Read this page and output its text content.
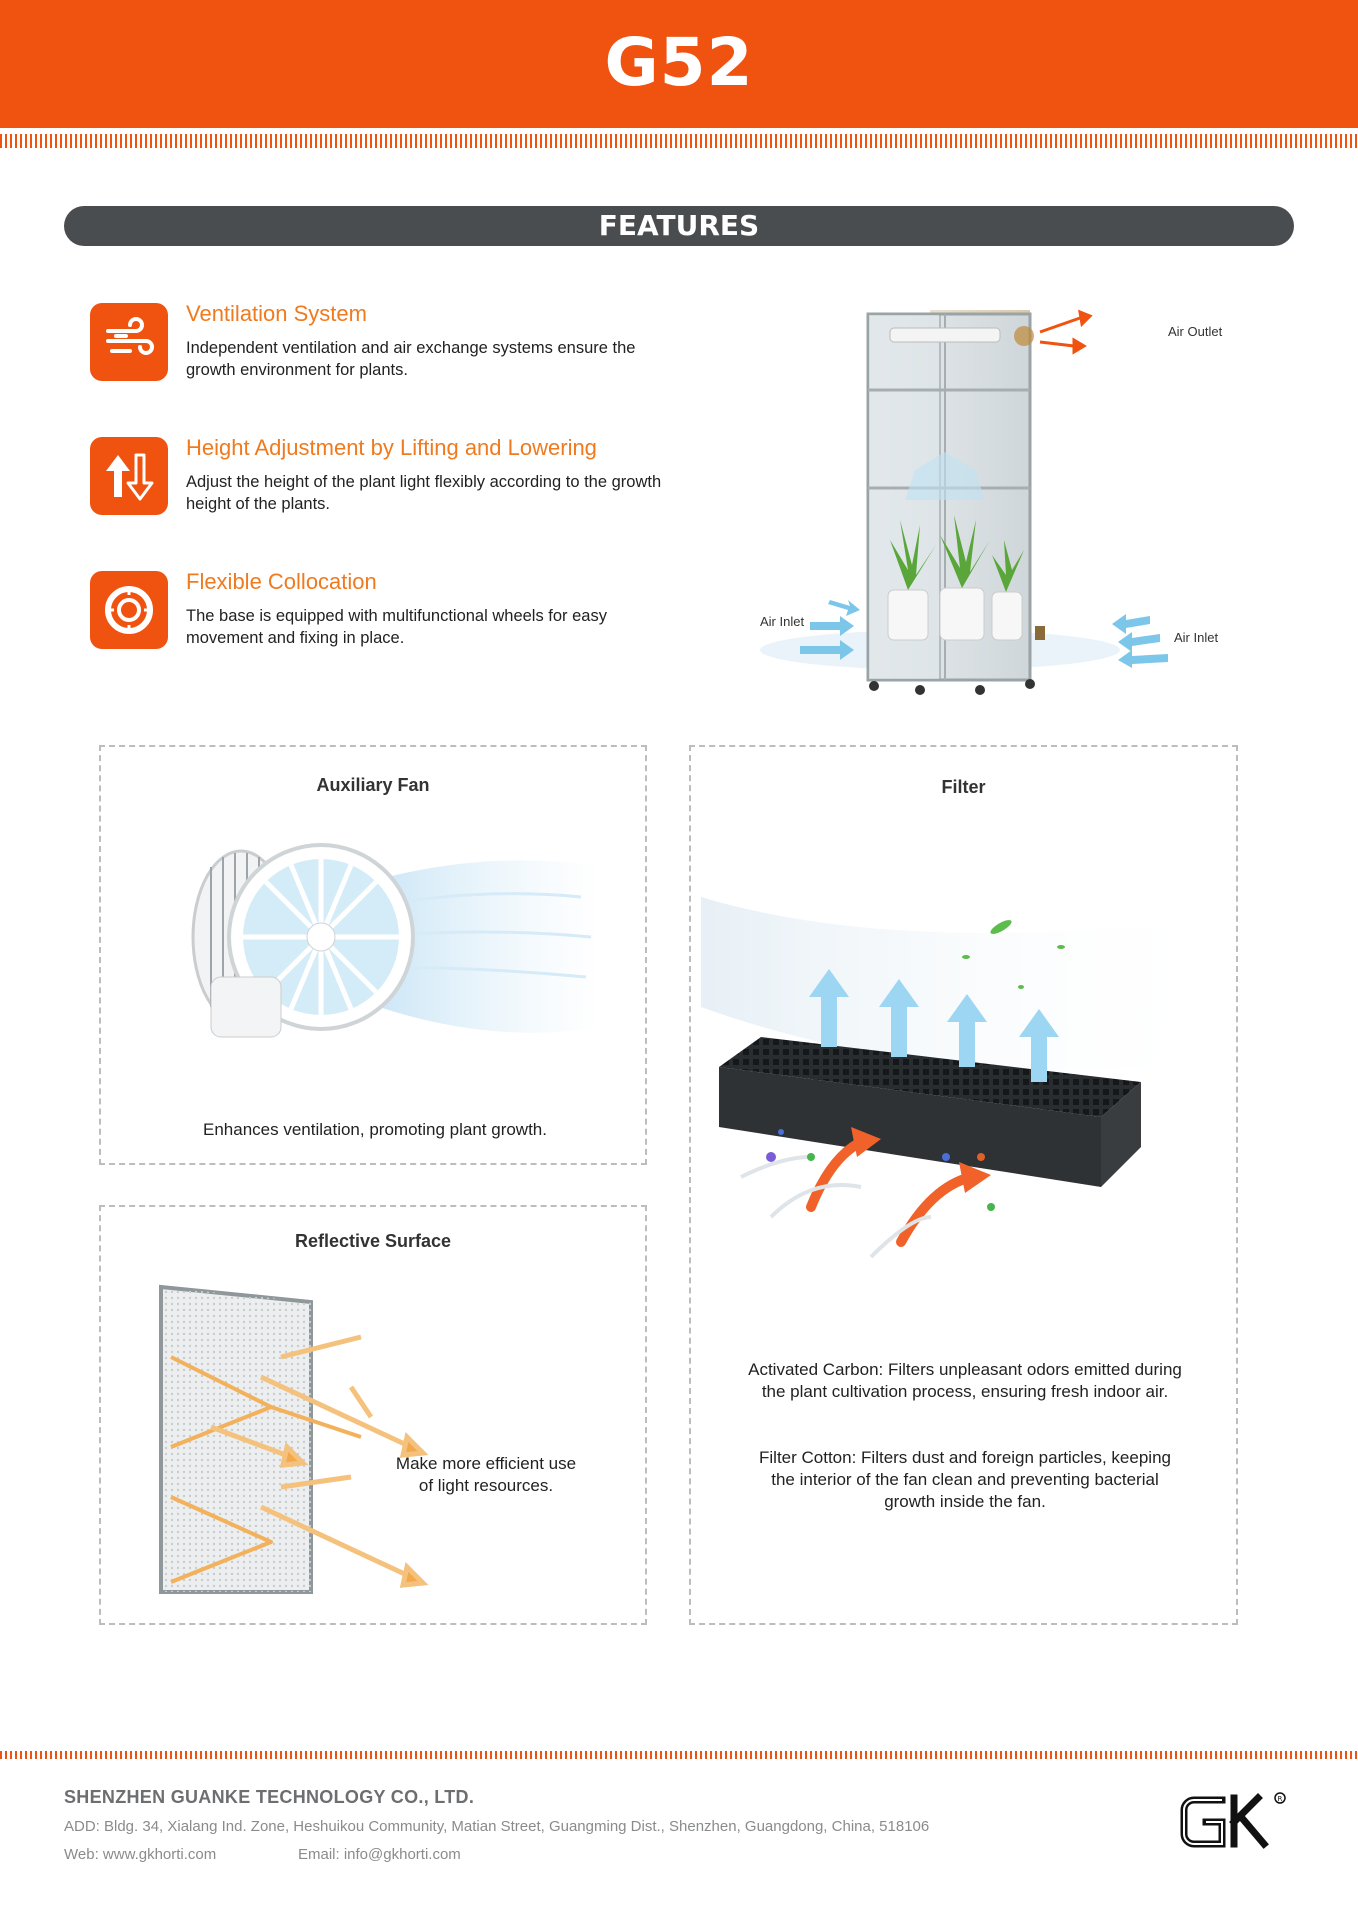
G52
FEATURES
Ventilation System
Independent ventilation and air exchange systems ensure the growth environment for plants.
Height Adjustment by Lifting and Lowering
Adjust the height of the plant light flexibly according to the growth height of the plants.
Flexible Collocation
The base is equipped with multifunctional wheels for easy movement and fixing in place.
Air Outlet
Air Inlet
Air Inlet
Auxiliary Fan
Enhances ventilation, promoting plant growth.
Reflective Surface
Make more efficient use of light resources.
Filter
Activated Carbon: Filters unpleasant odors emitted during the plant cultivation process, ensuring fresh indoor air.
Filter Cotton: Filters dust and foreign particles, keeping the interior of the fan clean and preventing bacterial growth inside the fan.
SHENZHEN GUANKE TECHNOLOGY CO., LTD.
ADD: Bldg. 34, Xialang Ind. Zone, Heshuikou Community, Matian Street, Guangming Dist., Shenzhen, Guangdong, China, 518106
Web: www.gkhorti.com	Email: info@gkhorti.com
R
